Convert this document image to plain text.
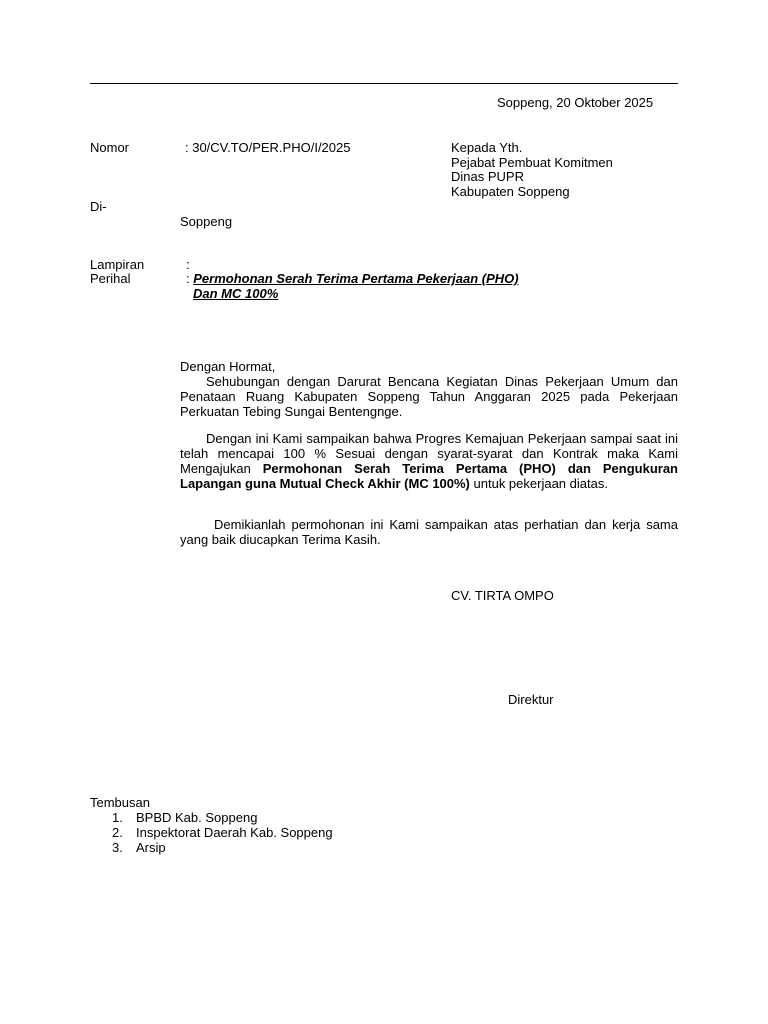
Soppeng, 20 Oktober 2025
Nomor	: 30/CV.TO/PER.PHO/I/2025	Kepada Yth.
Pejabat Pembuat Komitmen
Dinas PUPR
Kabupaten Soppeng
Di-
Soppeng
Lampiran	:
Perihal	: Permohonan Serah Terima Pertama Pekerjaan (PHO)
Dan MC 100%
Dengan Hormat,

Sehubungan dengan Darurat Bencana Kegiatan Dinas Pekerjaan Umum dan Penataan Ruang Kabupaten Soppeng Tahun Anggaran 2025 pada Pekerjaan Perkuatan Tebing Sungai Bentengnge.

Dengan ini Kami sampaikan bahwa Progres Kemajuan Pekerjaan sampai saat ini telah mencapai 100 % Sesuai dengan syarat-syarat dan Kontrak maka Kami Mengajukan Permohonan Serah Terima Pertama (PHO) dan Pengukuran Lapangan guna Mutual Check Akhir (MC 100%) untuk pekerjaan diatas.

Demikianlah permohonan ini Kami sampaikan atas perhatian dan kerja sama yang baik diucapkan Terima Kasih.

CV. TIRTA OMPO
Direktur
Tembusan
1.	BPBD Kab. Soppeng
2.	Inspektorat Daerah Kab. Soppeng
3.	Arsip
